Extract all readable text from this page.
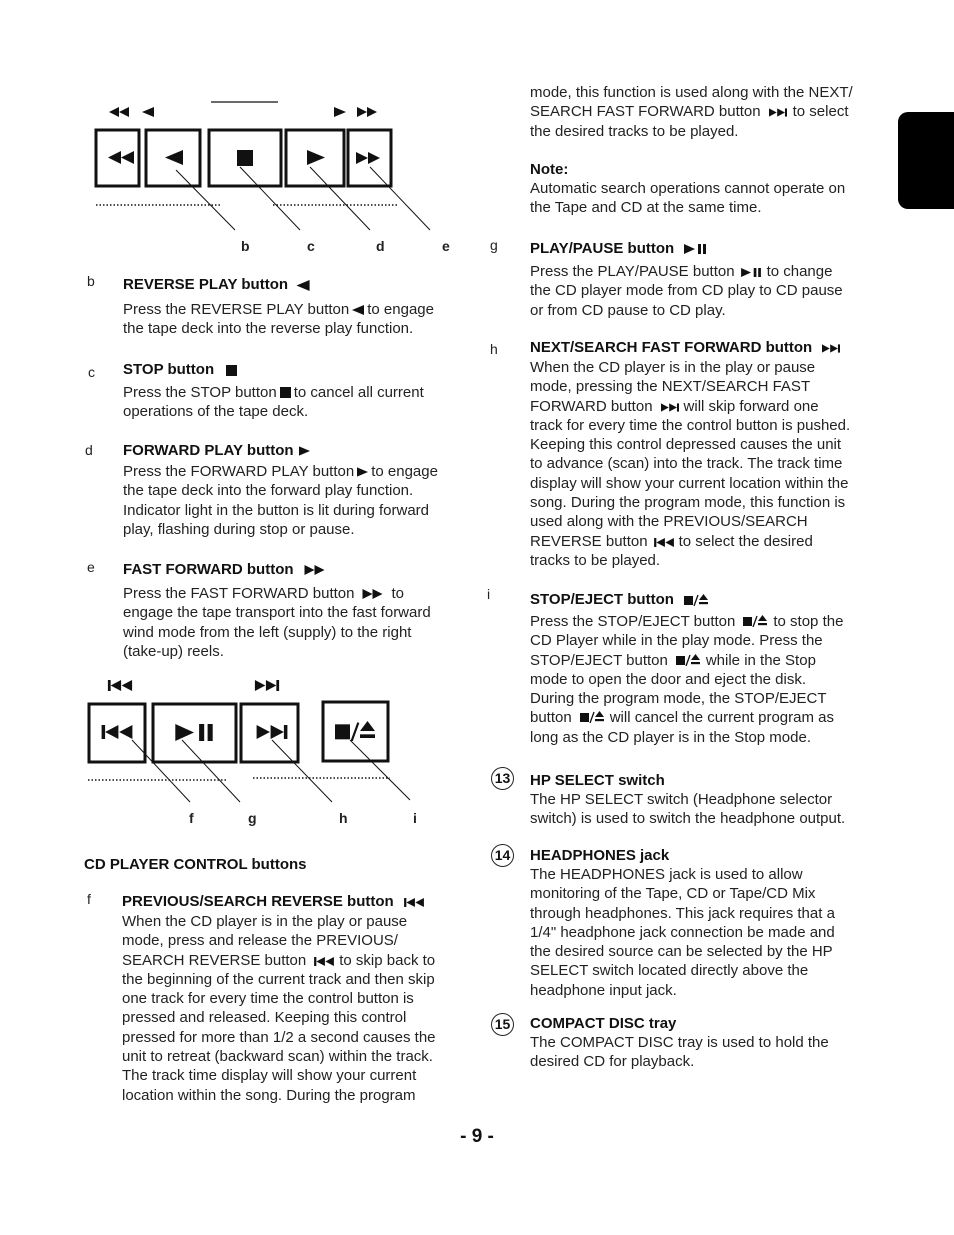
b	c	d	e
b REVERSE PLAY button
Press the REVERSE PLAY button to engage
the tape deck into the reverse play function.
c STOP button
Press the STOP button to cancel all current
operations of the tape deck.
d FORWARD PLAY button
Press the FORWARD PLAY button to engage
the tape deck into the forward play function.
Indicator light in the button is lit during forward
play, flashing during stop or pause.
e FAST FORWARD button
Press the FAST FORWARD button to
engage the tape transport into the fast forward
wind mode from the left (supply) to the right
(take-up) reels.
f	g	h	i
CD PLAYER CONTROL buttons
f PREVIOUS/SEARCH REVERSE button
When the CD player is in the play or pause
mode, press and release the PREVIOUS/
SEARCH REVERSE button to skip back to
the beginning of the current track and then skip
one track for every time the control button is
pressed and released. Keeping this control
pressed for more than 1/2 a second causes the
unit to retreat (backward scan) within the track.
The track time display will show your current
location within the song. During the program
mode, this function is used along with the NEXT/
SEARCH FAST FORWARD button to select
the desired tracks to be played.
Note:
Automatic search operations cannot operate on
the Tape and CD at the same time.
g PLAY/PAUSE button
Press the PLAY/PAUSE button to change
the CD player mode from CD play to CD pause
or from CD pause to CD play.
h NEXT/SEARCH FAST FORWARD button
When the CD player is in the play or pause
mode, pressing the NEXT/SEARCH FAST
FORWARD button will skip forward one
track for every time the control button is pushed.
Keeping this control depressed causes the unit
to advance (scan) into the track. The track time
display will show your current location within the
song. During the program mode, this function is
used along with the PREVIOUS/SEARCH
REVERSE button to select the desired
tracks to be played.
i	STOP/EJECT button
Press the STOP/EJECT button	to stop the
CD Player while in the play mode. Press the
STOP/EJECT button	while in the Stop
mode to open the door and eject the disk.
During the program mode, the STOP/EJECT
button	will cancel the current program as
long as the CD player is in the Stop mode.
13 HP SELECT switch
The HP SELECT switch (Headphone selector
switch) is used to switch the headphone output.
14 HEADPHONES jack
The HEADPHONES jack is used to allow
monitoring of the Tape, CD or Tape/CD Mix
through headphones. This jack requires that a
1/4" headphone jack connection be made and
the desired source can be selected by the HP
SELECT switch located directly above the
headphone input jack.
15 COMPACT DISC tray
The COMPACT DISC tray is used to hold the
desired CD for playback.
- 9 -
